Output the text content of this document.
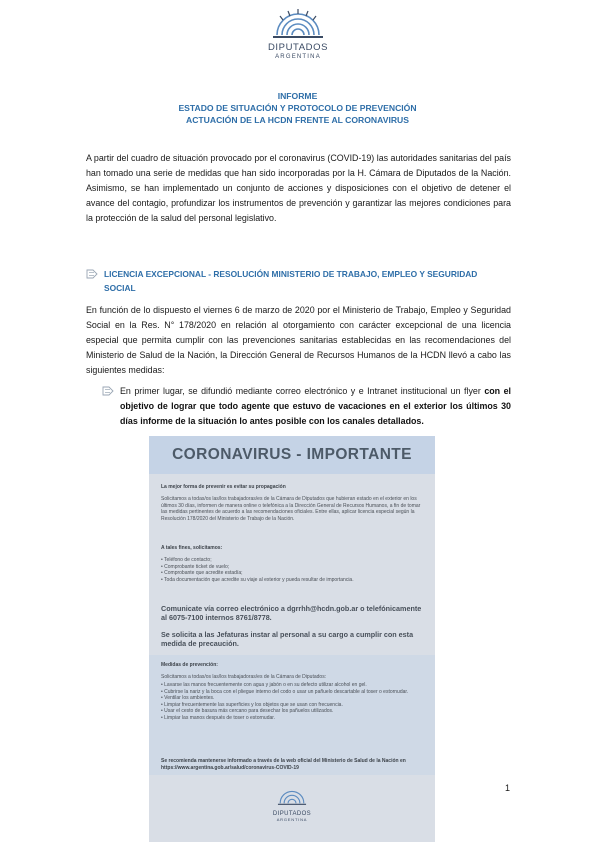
DIPUTADOS
ARGENTINA
INFORME
ESTADO DE SITUACIÓN Y PROTOCOLO DE PREVENCIÓN
ACTUACIÓN DE LA HCDN FRENTE AL CORONAVIRUS
A partir del cuadro de situación provocado por el coronavirus (COVID-19) las autoridades sanitarias del país han tomado una serie de medidas que han sido incorporadas por la H. Cámara de Diputados de la Nación. Asimismo, se han implementado un conjunto de acciones y disposiciones con el objetivo de detener el avance del contagio, profundizar los instrumentos de prevención y garantizar las mejores condiciones para la protección de la salud del personal legislativo.
LICENCIA EXCEPCIONAL - RESOLUCIÓN MINISTERIO DE TRABAJO, EMPLEO Y SEGURIDAD SOCIAL
En función de lo dispuesto el viernes 6 de marzo de 2020 por el Ministerio de Trabajo, Empleo y Seguridad Social en la Res. N° 178/2020 en relación al otorgamiento con carácter excepcional de una licencia especial que permita cumplir con las prevenciones sanitarias establecidas en las recomendaciones del Ministerio de Salud de la Nación, la Dirección General de Recursos Humanos de la HCDN llevó a cabo las siguientes medidas:
En primer lugar, se difundió mediante correo electrónico y e Intranet institucional un flyer con el objetivo de lograr que todo agente que estuvo de vacaciones en el exterior los últimos 30 días informe de la situación lo antes posible con los canales detallados.
CORONAVIRUS - IMPORTANTE
La mejor forma de prevenir es evitar su propagación
Solicitamos a todas/os las/los trabajadoras/es de la Cámara de Diputados que hubieran estado en el exterior en los últimos 30 días, informen de manera online o telefónica a la Dirección General de Recursos Humanos, a fin de tomar las medidas pertinentes de acuerdo a las recomendaciones oficiales. Entre ellas, aplicar licencia especial según la Resolución 178/2020 del Ministerio de Trabajo de la Nación.
A tales fines, solicitamos:
• Teléfono de contacto;
• Comprobante ticket de vuelo;
• Comprobante que acredite estadía;
• Toda documentación que acredite su viaje al exterior y pueda resultar de importancia.
Comunicate vía correo electrónico a dgrrhh@hcdn.gob.ar o telefónicamente al 6075-7100 internos 8761/8778.
Se solicita a las Jefaturas instar al personal a su cargo a cumplir con esta medida de precaución.
Medidas de prevención:
Solicitamos a todas/os las/los trabajadoras/es de la Cámara de Diputados:
• Lavarse las manos frecuentemente con agua y jabón o en su defecto utilizar alcohol en gel.
• Cubrirse la nariz y la boca con el pliegue interno del codo o usar un pañuelo descartable al toser o estornudar.
• Ventilar los ambientes.
• Limpiar frecuentemente las superficies y los objetos que se usan con frecuencia.
• Usar el cesto de basura más cercano para desechar los pañuelos utilizados.
• Limpiar las manos después de toser o estornudar.
Se recomienda mantenerse informado a través de la web oficial del Ministerio de Salud de la Nación en https://www.argentina.gob.ar/salud/coronavirus-COVID-19
DIPUTADOS
ARGENTINA
1
